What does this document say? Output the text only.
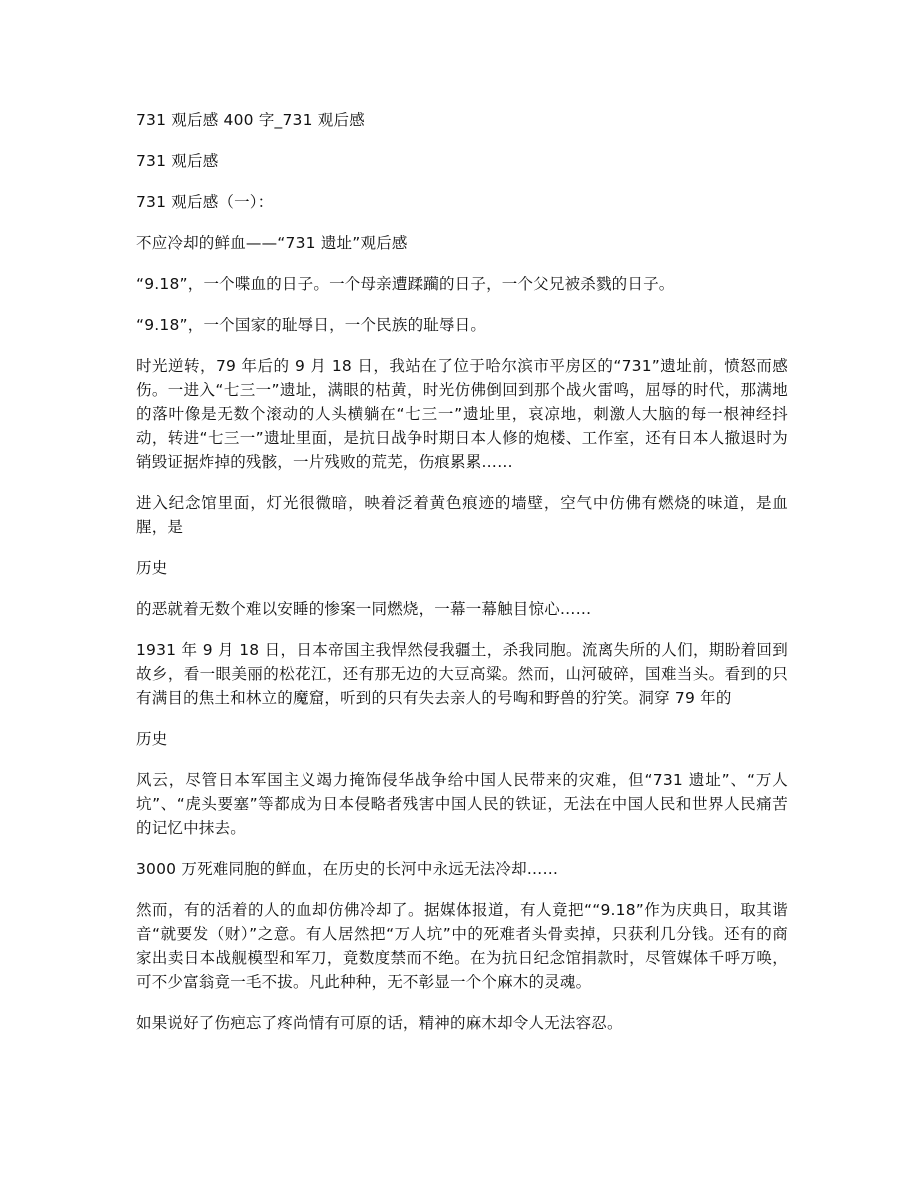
731 观后感 400 字_731 观后感

731 观后感

731 观后感（一）：

不应冷却的鲜血——“731 遗址”观后感

“9.18”，一个喋血的日子。一个母亲遭蹂躏的日子，一个父兄被杀戮的日子。

“9.18”，一个国家的耻辱日，一个民族的耻辱日。

时光逆转，79 年后的 9 月 18 日，我站在了位于哈尔滨市平房区的“731”遗址前，愤怒而感伤。一进入“七三一”遗址，满眼的枯黄，时光仿佛倒回到那个战火雷鸣，屈辱的时代，那满地的落叶像是无数个滚动的人头横躺在“七三一”遗址里，哀凉地，刺激人大脑的每一根神经抖动，转进“七三一”遗址里面，是抗日战争时期日本人修的炮楼、工作室，还有日本人撤退时为销毁证据炸掉的残骸，一片残败的荒芜，伤痕累累……

进入纪念馆里面，灯光很微暗，映着泛着黄色痕迹的墙壁，空气中仿佛有燃烧的味道，是血腥，是

历史

的恶就着无数个难以安睡的惨案一同燃烧，一幕一幕触目惊心……

1931 年 9 月 18 日，日本帝国主我悍然侵我疆土，杀我同胞。流离失所的人们，期盼着回到故乡，看一眼美丽的松花江，还有那无边的大豆高粱。然而，山河破碎，国难当头。看到的只有满目的焦土和林立的魔窟，听到的只有失去亲人的号啕和野兽的狞笑。洞穿 79 年的

历史

风云，尽管日本军国主义竭力掩饰侵华战争给中国人民带来的灾难，但“731 遗址”、“万人坑”、“虎头要塞”等都成为日本侵略者残害中国人民的铁证，无法在中国人民和世界人民痛苦的记忆中抹去。

3000 万死难同胞的鲜血，在历史的长河中永远无法冷却……

然而，有的活着的人的血却仿佛冷却了。据媒体报道，有人竟把““9.18”作为庆典日，取其谐音“就要发（财）”之意。有人居然把“万人坑”中的死难者头骨卖掉，只获利几分钱。还有的商家出卖日本战舰模型和军刀，竟数度禁而不绝。在为抗日纪念馆捐款时，尽管媒体千呼万唤，可不少富翁竟一毛不拔。凡此种种，无不彰显一个个麻木的灵魂。

如果说好了伤疤忘了疼尚情有可原的话，精神的麻木却令人无法容忍。
